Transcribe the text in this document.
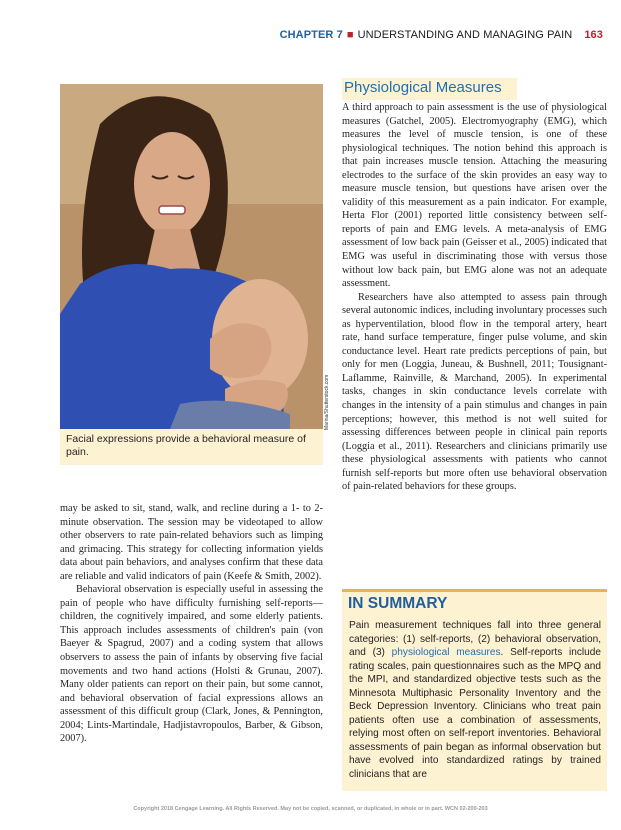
CHAPTER 7 ■ UNDERSTANDING AND MANAGING PAIN 163
Marina/Shutterstock.com
Facial expressions provide a behavioral measure of pain.
Physiological Measures

A third approach to pain assessment is the use of physiological measures (Gatchel, 2005). Electromyography (EMG), which measures the level of muscle tension, is one of these physiological techniques. The notion behind this approach is that pain increases muscle tension. Attaching the measuring electrodes to the surface of the skin provides an easy way to measure muscle tension, but questions have arisen over the validity of this measurement as a pain indicator. For example, Herta Flor (2001) reported little consistency between self-reports of pain and EMG levels. A meta-analysis of EMG assessment of low back pain (Geisser et al., 2005) indicated that EMG was useful in discriminating those with versus those without low back pain, but EMG alone was not an adequate assessment.

Researchers have also attempted to assess pain through several autonomic indices, including involuntary processes such as hyperventilation, blood flow in the temporal artery, heart rate, hand surface temperature, finger pulse volume, and skin conductance level. Heart rate predicts perceptions of pain, but only for men (Loggia, Juneau, & Bushnell, 2011; Tousignant-Laflamme, Rainville, & Marchand, 2005). In experimental tasks, changes in skin conductance levels correlate with changes in the intensity of a pain stimulus and changes in pain perceptions; however, this method is not well suited for assessing differences between people in clinical pain reports (Loggia et al., 2011). Researchers and clinicians primarily use these physiological assessments with patients who cannot furnish self-reports but more often use behavioral observation of pain-related behaviors for these groups.

may be asked to sit, stand, walk, and recline during a 1- to 2-minute observation. The session may be videotaped to allow other observers to rate pain-related behaviors such as limping and grimacing. This strategy for collecting information yields data about pain behaviors, and analyses confirm that these data are reliable and valid indicators of pain (Keefe & Smith, 2002).

Behavioral observation is especially useful in assessing the pain of people who have difficulty furnishing self-reports—children, the cognitively impaired, and some elderly patients. This approach includes assessments of children's pain (von Baeyer & Spagrud, 2007) and a coding system that allows observers to assess the pain of infants by observing five facial movements and two hand actions (Holsti & Grunau, 2007). Many older patients can report on their pain, but some cannot, and behavioral observation of facial expressions allows an assessment of this difficult group (Clark, Jones, & Pennington, 2004; Lints-Martindale, Hadjistavropoulos, Barber, & Gibson, 2007).

IN SUMMARY
Pain measurement techniques fall into three general categories: (1) self-reports, (2) behavioral observation, and (3) physiological measures. Self-reports include rating scales, pain questionnaires such as the MPQ and the MPI, and standardized objective tests such as the Minnesota Multiphasic Personality Inventory and the Beck Depression Inventory. Clinicians who treat pain patients often use a combination of assessments, relying most often on self-report inventories. Behavioral assessments of pain began as informal observation but have evolved into standardized ratings by trained clinicians that are
Copyright 2018 Cengage Learning. All Rights Reserved. May not be copied, scanned, or duplicated, in whole or in part. WCN 02-200-203
